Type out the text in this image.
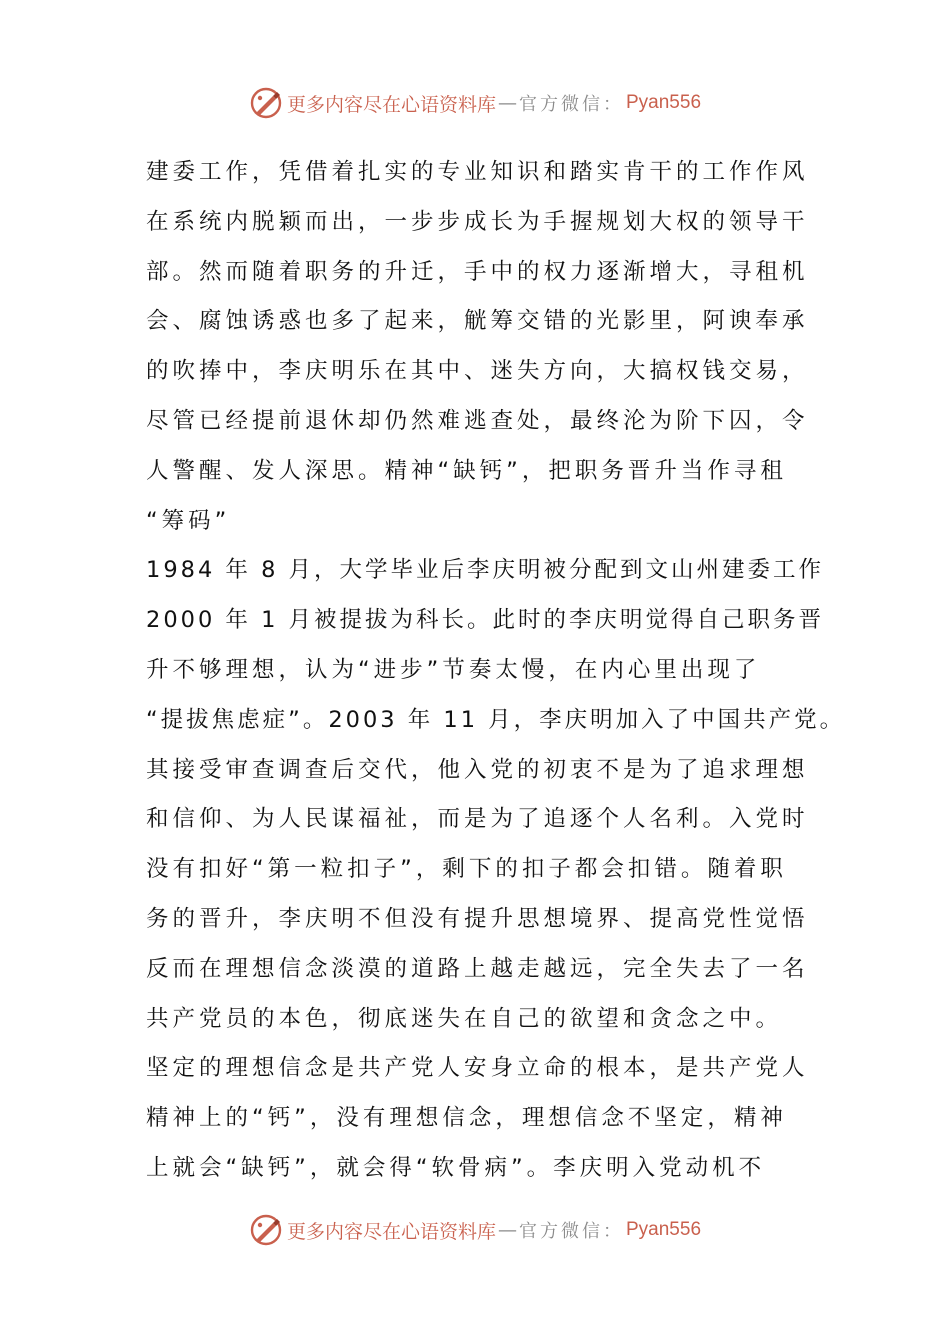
更多内容尽在心语资料库 — 官方微信： Pyan556
建委工作，凭借着扎实的专业知识和踏实肯干的工作作风
在系统内脱颖而出，一步步成长为手握规划大权的领导干
部。然而随着职务的升迁，手中的权力逐渐增大，寻租机
会、腐蚀诱惑也多了起来，觥筹交错的光影里，阿谀奉承
的吹捧中，李庆明乐在其中、迷失方向，大搞权钱交易，
尽管已经提前退休却仍然难逃查处，最终沦为阶下囚，令
人警醒、发人深思。精神“缺钙”，把职务晋升当作寻租
“筹码”
1984 年 8 月，大学毕业后李庆明被分配到文山州建委工作
2000 年 1 月被提拔为科长。此时的李庆明觉得自己职务晋
升不够理想，认为“进步”节奏太慢，在内心里出现了
“提拔焦虑症”。2003 年 11 月，李庆明加入了中国共产党。
其接受审查调查后交代，他入党的初衷不是为了追求理想
和信仰、为人民谋福祉，而是为了追逐个人名利。入党时
没有扣好“第一粒扣子”，剩下的扣子都会扣错。随着职
务的晋升，李庆明不但没有提升思想境界、提高党性觉悟
反而在理想信念淡漠的道路上越走越远，完全失去了一名
共产党员的本色，彻底迷失在自己的欲望和贪念之中。
坚定的理想信念是共产党人安身立命的根本，是共产党人
精神上的“钙”，没有理想信念，理想信念不坚定，精神
上就会“缺钙”，就会得“软骨病”。李庆明入党动机不
更多内容尽在心语资料库 — 官方微信： Pyan556
